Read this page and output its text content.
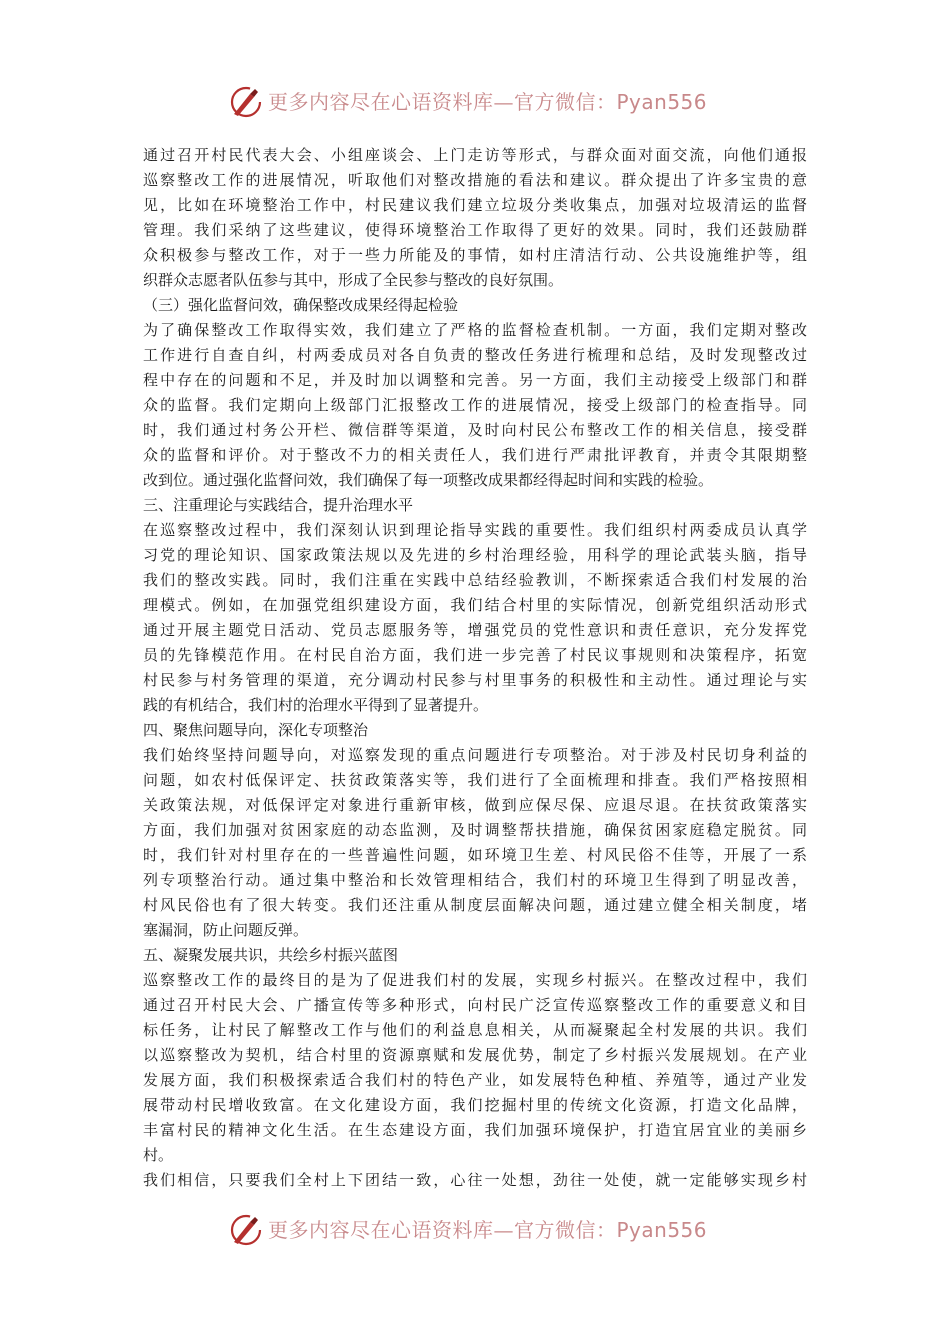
更多内容尽在心语资料库—官方微信：Pyan556
通过召开村民代表大会、小组座谈会、上门走访等形式，与群众面对面交流，向他们通报
巡察整改工作的进展情况，听取他们对整改措施的看法和建议。群众提出了许多宝贵的意
见，比如在环境整治工作中，村民建议我们建立垃圾分类收集点，加强对垃圾清运的监督
管理。我们采纳了这些建议，使得环境整治工作取得了更好的效果。同时，我们还鼓励群
众积极参与整改工作，对于一些力所能及的事情，如村庄清洁行动、公共设施维护等，组
织群众志愿者队伍参与其中，形成了全民参与整改的良好氛围。
（三）强化监督问效，确保整改成果经得起检验
为了确保整改工作取得实效，我们建立了严格的监督检查机制。一方面，我们定期对整改
工作进行自查自纠，村两委成员对各自负责的整改任务进行梳理和总结，及时发现整改过
程中存在的问题和不足，并及时加以调整和完善。另一方面，我们主动接受上级部门和群
众的监督。我们定期向上级部门汇报整改工作的进展情况，接受上级部门的检查指导。同
时，我们通过村务公开栏、微信群等渠道，及时向村民公布整改工作的相关信息，接受群
众的监督和评价。对于整改不力的相关责任人，我们进行严肃批评教育，并责令其限期整
改到位。通过强化监督问效，我们确保了每一项整改成果都经得起时间和实践的检验。
三、注重理论与实践结合，提升治理水平
在巡察整改过程中，我们深刻认识到理论指导实践的重要性。我们组织村两委成员认真学
习党的理论知识、国家政策法规以及先进的乡村治理经验，用科学的理论武装头脑，指导
我们的整改实践。同时，我们注重在实践中总结经验教训，不断探索适合我们村发展的治
理模式。例如，在加强党组织建设方面，我们结合村里的实际情况，创新党组织活动形式
通过开展主题党日活动、党员志愿服务等，增强党员的党性意识和责任意识，充分发挥党
员的先锋模范作用。在村民自治方面，我们进一步完善了村民议事规则和决策程序，拓宽
村民参与村务管理的渠道，充分调动村民参与村里事务的积极性和主动性。通过理论与实
践的有机结合，我们村的治理水平得到了显著提升。
四、聚焦问题导向，深化专项整治
我们始终坚持问题导向，对巡察发现的重点问题进行专项整治。对于涉及村民切身利益的
问题，如农村低保评定、扶贫政策落实等，我们进行了全面梳理和排查。我们严格按照相
关政策法规，对低保评定对象进行重新审核，做到应保尽保、应退尽退。在扶贫政策落实
方面，我们加强对贫困家庭的动态监测，及时调整帮扶措施，确保贫困家庭稳定脱贫。同
时，我们针对村里存在的一些普遍性问题，如环境卫生差、村风民俗不佳等，开展了一系
列专项整治行动。通过集中整治和长效管理相结合，我们村的环境卫生得到了明显改善，
村风民俗也有了很大转变。我们还注重从制度层面解决问题，通过建立健全相关制度，堵
塞漏洞，防止问题反弹。
五、凝聚发展共识，共绘乡村振兴蓝图
巡察整改工作的最终目的是为了促进我们村的发展，实现乡村振兴。在整改过程中，我们
通过召开村民大会、广播宣传等多种形式，向村民广泛宣传巡察整改工作的重要意义和目
标任务，让村民了解整改工作与他们的利益息息相关，从而凝聚起全村发展的共识。我们
以巡察整改为契机，结合村里的资源禀赋和发展优势，制定了乡村振兴发展规划。在产业
发展方面，我们积极探索适合我们村的特色产业，如发展特色种植、养殖等，通过产业发
展带动村民增收致富。在文化建设方面，我们挖掘村里的传统文化资源，打造文化品牌，
丰富村民的精神文化生活。在生态建设方面，我们加强环境保护，打造宜居宜业的美丽乡
村。
我们相信，只要我们全村上下团结一致，心往一处想，劲往一处使，就一定能够实现乡村
更多内容尽在心语资料库—官方微信：Pyan556
